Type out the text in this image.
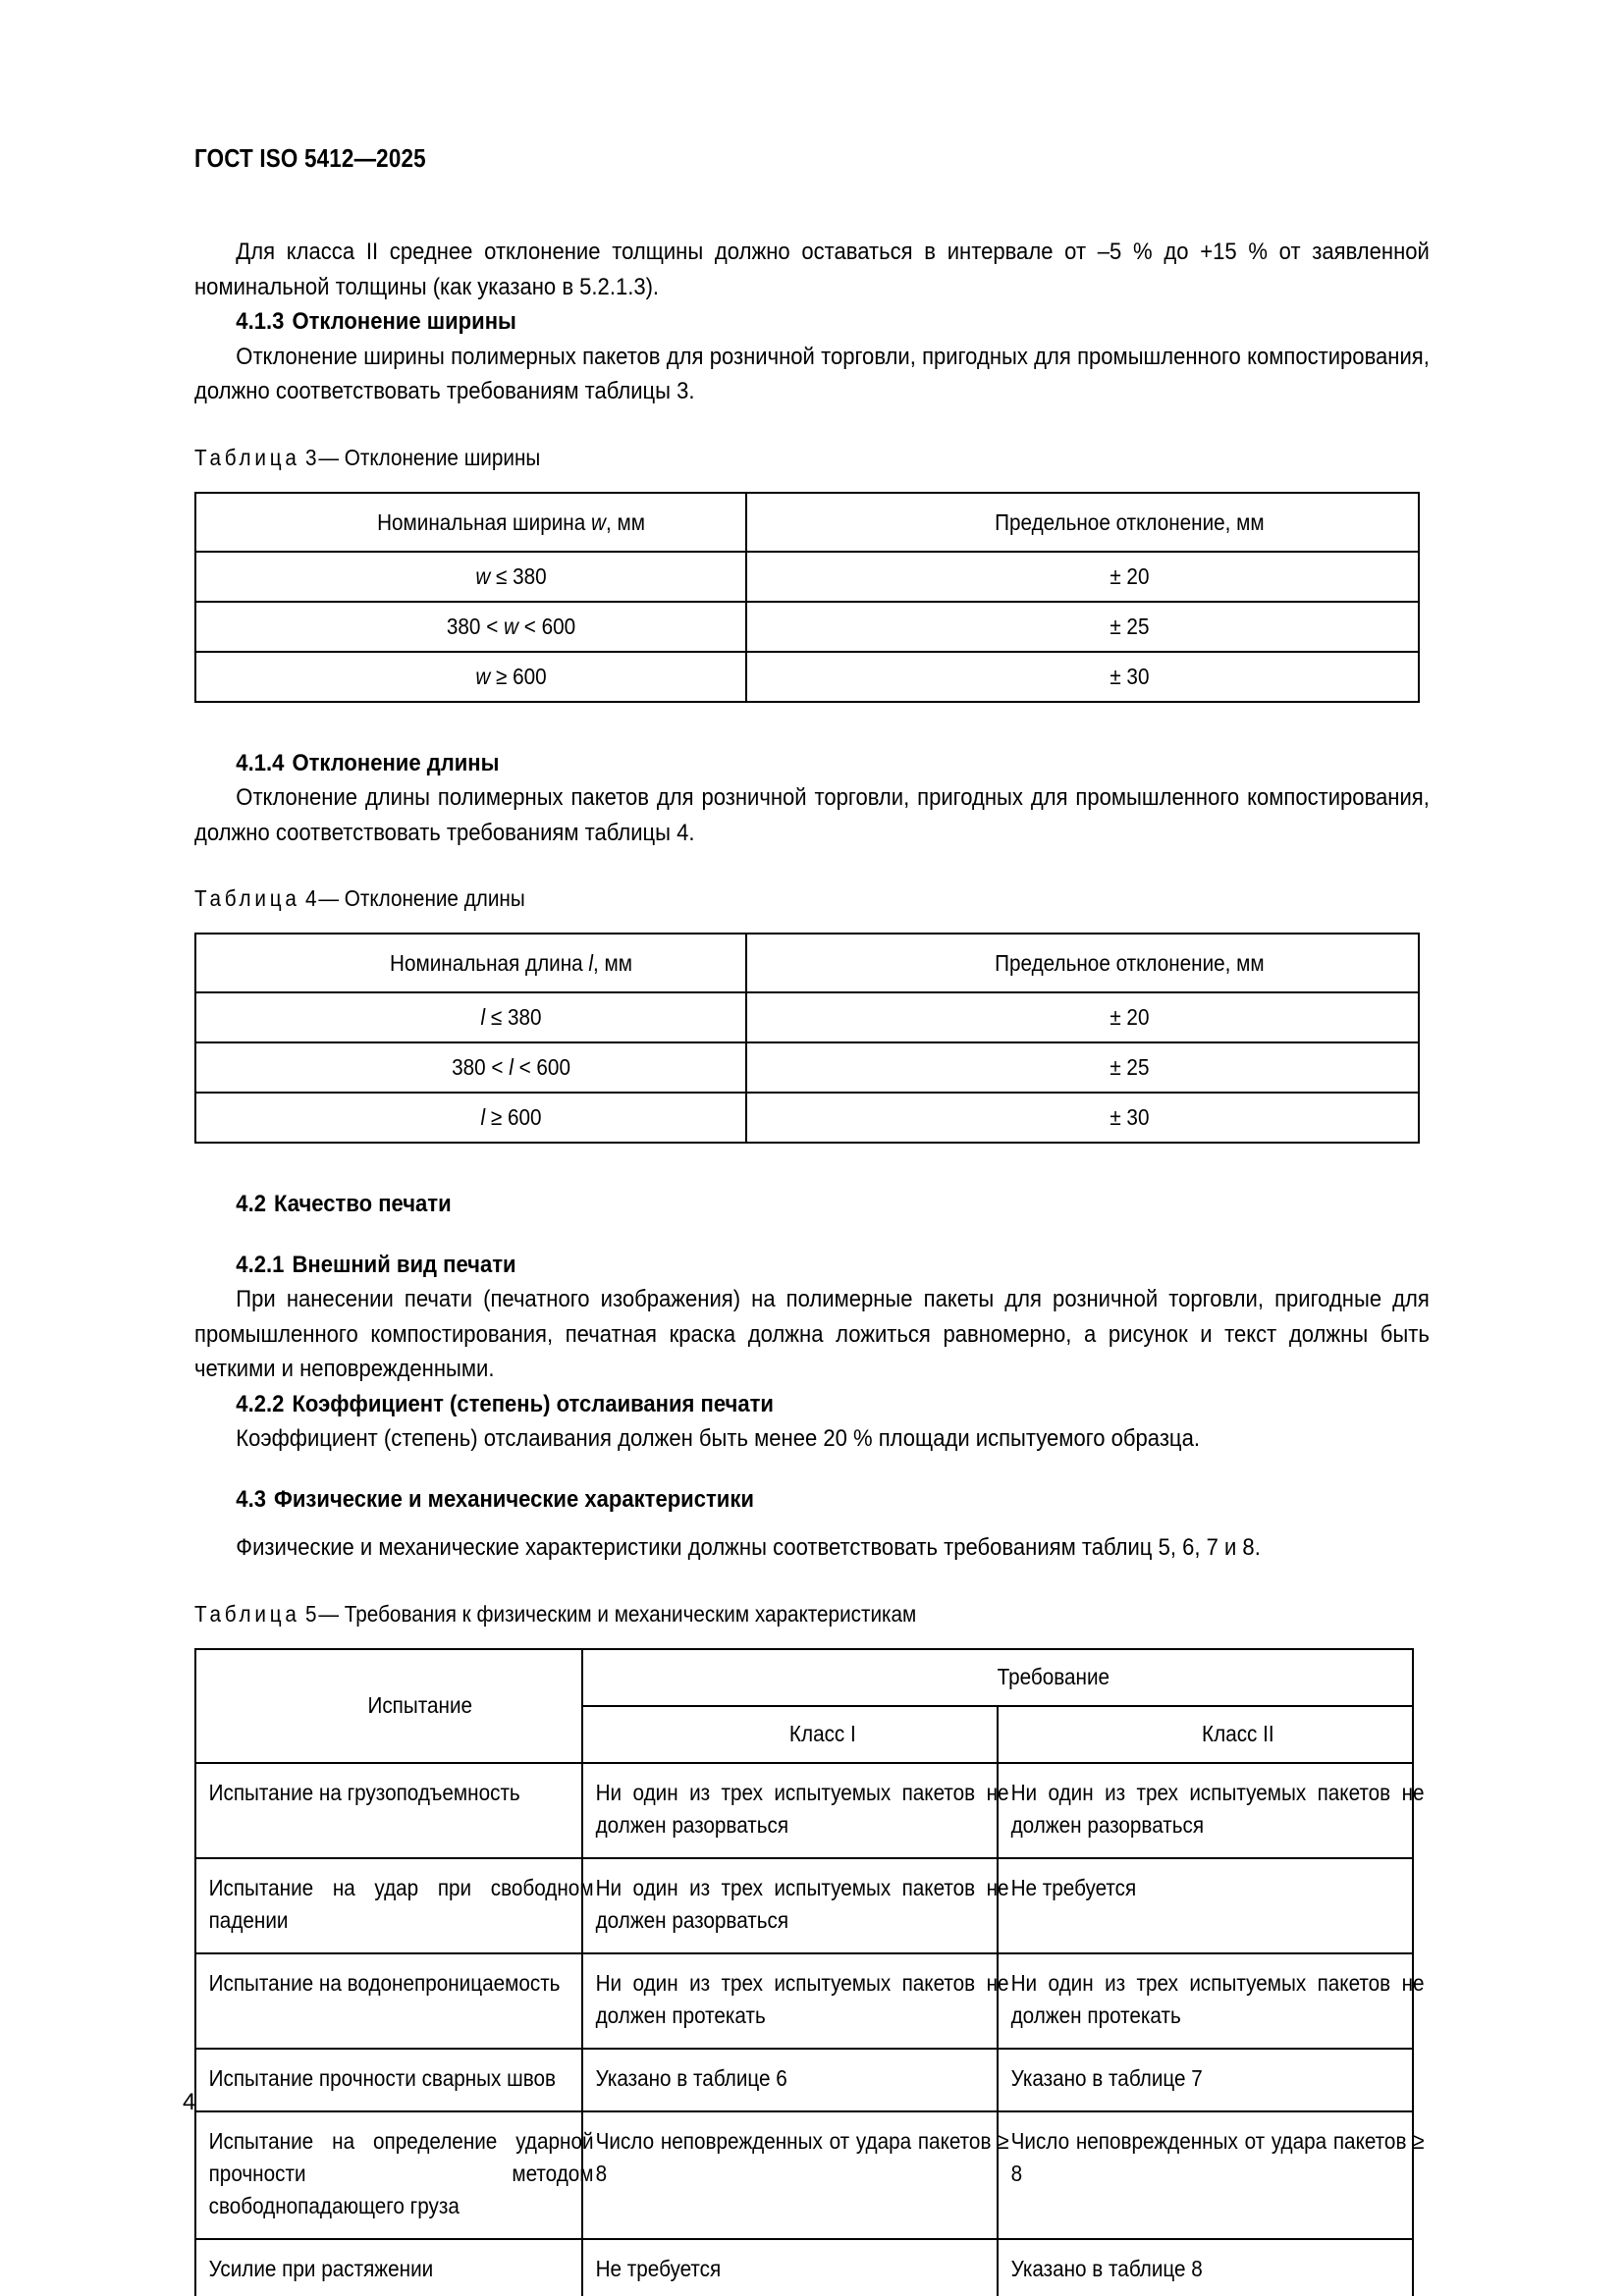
ГОСТ ISO 5412—2025

Для класса II среднее отклонение толщины должно оставаться в интервале от –5 % до +15 % от заявленной номинальной толщины (как указано в 5.2.1.3).

4.1.3 Отклонение ширины

Отклонение ширины полимерных пакетов для розничной торговли, пригодных для промышленного компостирования, должно соответствовать требованиям таблицы 3.

Таблица 3— Отклонение ширины

Номинальная ширина w, мм	Предельное отклонение, мм

w ≤ 380	± 20

380 < w < 600	± 25

w ≥ 600	± 30
4.1.4 Отклонение длины

Отклонение длины полимерных пакетов для розничной торговли, пригодных для промышленного компостирования, должно соответствовать требованиям таблицы 4.

Таблица 4— Отклонение длины

Номинальная длина l, мм	Предельное отклонение, мм

l ≤ 380	± 20

380 < l < 600	± 25

l ≥ 600	± 30
4.2 Качество печати
4.2.1 Внешний вид печати

При нанесении печати (печатного изображения) на полимерные пакеты для розничной торговли, пригодные для промышленного компостирования, печатная краска должна ложиться равномерно, а рисунок и текст должны быть четкими и неповрежденными.

4.2.2 Коэффициент (степень) отслаивания печати

Коэффициент (степень) отслаивания должен быть менее 20 % площади испытуемого образца.

4.3 Физические и механические характеристики

Физические и механические характеристики должны соответствовать требованиям таблиц 5, 6, 7 и 8.

Таблица 5— Требования к физическим и механическим характеристикам

Испытание	Требование	

	Класс I	Класс II

Испытание на грузоподъемность	Ни один из трех испытуемых пакетов не должен разорваться	Ни один из трех испытуемых пакетов не должен разорваться

Испытание на удар при свободном падении	Ни один из трех испытуемых пакетов не должен разорваться	Не требуется

Испытание на водонепроницаемость	Ни один из трех испытуемых пакетов не должен протекать	Ни один из трех испытуемых пакетов не должен протекать

Испытание прочности сварных швов	Указано в таблице 6	Указано в таблице 7

Испытание на определение ударной прочности методом свободнопадающего груза	Число неповрежденных от удара пакетов ≥ 8	Число неповрежденных от удара пакетов ≥ 8

Усилие при растяжении	Не требуется	Указано в таблице 8
4
